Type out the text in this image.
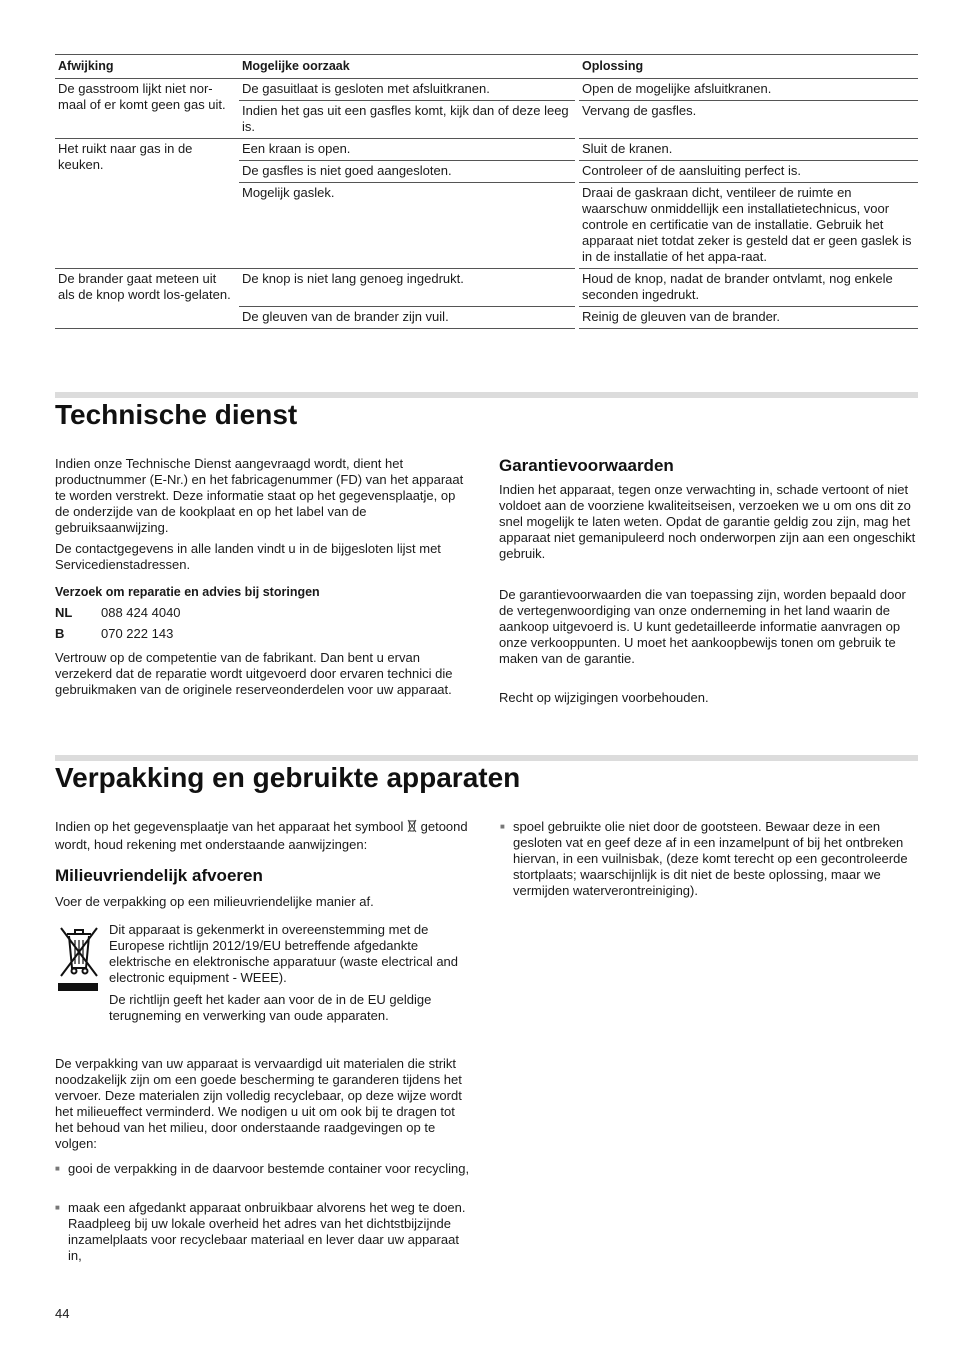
Afwijking	Mogelijke oorzaak		Oplossing
De gasstroom lijkt niet nor-maal of er komt geen gas uit.	De gasuitlaat is gesloten met afsluitkranen.		Open de mogelijke afsluitkranen.
	Indien het gas uit een gasfles komt, kijk dan of deze leeg is.		Vervang de gasfles.
Het ruikt naar gas in de keuken.	Een kraan is open.		Sluit de kranen.
	De gasfles is niet goed aangesloten.		Controleer of de aansluiting perfect is.
	Mogelijk gaslek.		Draai de gaskraan dicht, ventileer de ruimte en waarschuw onmiddellijk een installatietechnicus, voor controle en certificatie van de installatie. Gebruik het apparaat niet totdat zeker is gesteld dat er geen gaslek is in de installatie of het appa-raat.
De brander gaat meteen uit als de knop wordt los-gelaten.	De knop is niet lang genoeg ingedrukt.		Houd de knop, nadat de brander ontvlamt, nog enkele seconden ingedrukt.
	De gleuven van de brander zijn vuil.		Reinig de gleuven van de brander.
Technische dienst

Indien onze Technische Dienst aangevraagd wordt, dient het productnummer (E-Nr.) en het fabricagenummer (FD) van het apparaat te worden verstrekt. Deze informatie staat op het gegevensplaatje, op de onderzijde van de kookplaat en op het label van de gebruiksaanwijzing.

De contactgegevens in alle landen vindt u in de bijgesloten lijst met Servicedienstadressen.

Verzoek om reparatie en advies bij storingen

NL 088 424 4040
B	070 222 143

Vertrouw op de competentie van de fabrikant. Dan bent u ervan verzekerd dat de reparatie wordt uitgevoerd door ervaren technici die gebruikmaken van de originele reserveonderdelen voor uw apparaat.

Garantievoorwaarden

Indien het apparaat, tegen onze verwachting in, schade vertoont of niet voldoet aan de voorziene kwaliteitseisen, verzoeken we u om ons dit zo snel mogelijk te laten weten. Opdat de garantie geldig zou zijn, mag het apparaat niet gemanipuleerd noch onderworpen zijn aan een ongeschikt gebruik.

De garantievoorwaarden die van toepassing zijn, worden bepaald door de vertegenwoordiging van onze onderneming in het land waarin de aankoop uitgevoerd is. U kunt gedetailleerde informatie aanvragen op onze verkooppunten. U moet het aankoopbewijs tonen om gebruik te maken van de garantie.

Recht op wijzigingen voorbehouden.

Verpakking en gebruikte apparaten

Indien op het gegevensplaatje van het apparaat het symbool getoond wordt, houd rekening met onderstaande aanwijzingen:

Milieuvriendelijk afvoeren

Voer de verpakking op een milieuvriendelijke manier af.

Dit apparaat is gekenmerkt in overeenstemming met de Europese richtlijn 2012/19/EU betreffende afgedankte elektrische en elektronische apparatuur (waste electrical and electronic equipment - WEEE).

De richtlijn geeft het kader aan voor de in de EU geldige terugneming en verwerking van oude apparaten.

De verpakking van uw apparaat is vervaardigd uit materialen die strikt noodzakelijk zijn om een goede bescherming te garanderen tijdens het vervoer. Deze materialen zijn volledig recyclebaar, op deze wijze wordt het milieueffect verminderd. We nodigen u uit om ook bij te dragen tot het behoud van het milieu, door onderstaande raadgevingen op te volgen:

■ gooi de verpakking in de daarvoor bestemde container voor recycling,

■ maak een afgedankt apparaat onbruikbaar alvorens het weg te doen. Raadpleeg bij uw lokale overheid het adres van het dichtstbijzijnde inzamelplaats voor recyclebaar materiaal en lever daar uw apparaat in,

■ spoel gebruikte olie niet door de gootsteen. Bewaar deze in een gesloten vat en geef deze af in een inzamelpunt of bij het ontbreken hiervan, in een vuilnisbak, (deze komt terecht op een gecontroleerde stortplaats; waarschijnlijk is dit niet de beste oplossing, maar we vermijden waterverontreiniging).

44
